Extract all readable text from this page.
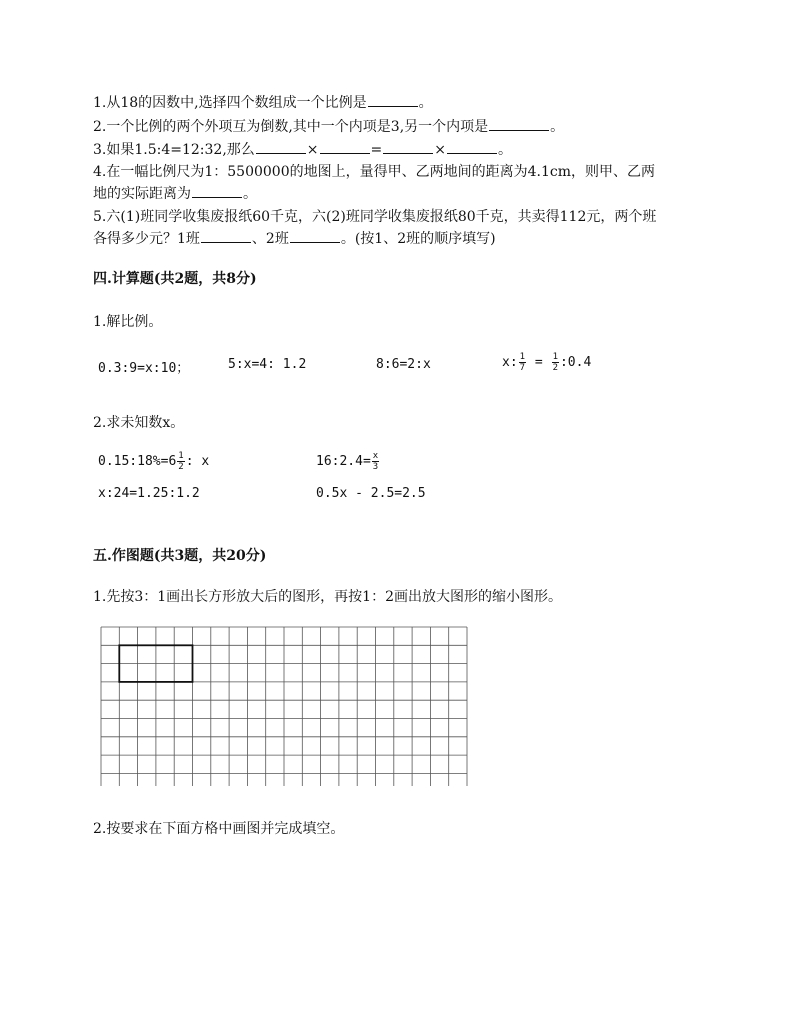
1.从18的因数中,选择四个数组成一个比例是	。
2.一个比例的两个外项互为倒数,其中一个内项是3,另一个内项是	。
3.如果1.5:4=12:32,那么	×	=	×	。
4.在一幅比例尺为1：5500000的地图上，量得甲、乙两地间的距离为4.1cm，则甲、乙两
地的实际距离为	。
5.六(1)班同学收集废报纸60千克，六(2)班同学收集废报纸80千克，共卖得112元，两个班
各得多少元？1班	、2班	。(按1、2班的顺序填写)
四.计算题(共2题，共8分)
1.解比例。
0.3:9=x:10；	5:x=4: 1.2	8:6=2:x	x: $\frac{1}{7} = \frac{1}{2}$ :0.4
2.求未知数x。
0.15:18%=6 $\frac{1}{2}$ : x	16:2.4= $\frac{x}{3}$
x:24=1.25:1.2	0.5x - 2.5=2.5
五.作图题(共3题，共20分)
1.先按3：1画出长方形放大后的图形，再按1：2画出放大图形的缩小图形。
2.按要求在下面方格中画图并完成填空。
